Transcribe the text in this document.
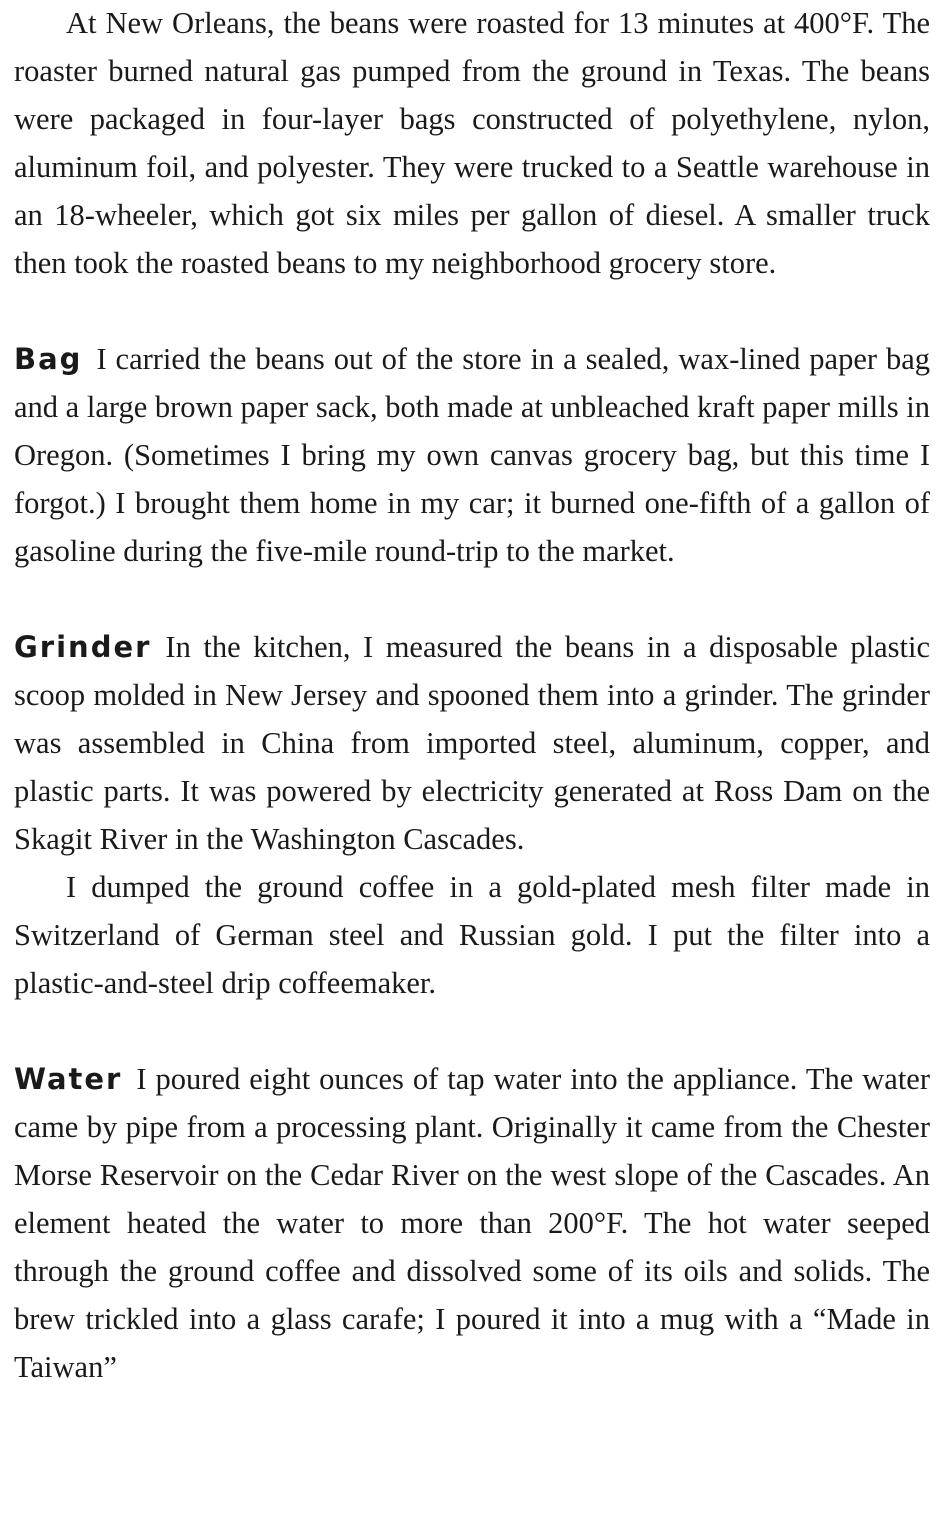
At New Orleans, the beans were roasted for 13 minutes at 400°F. The roaster burned natural gas pumped from the ground in Texas. The beans were packaged in four-layer bags constructed of polyethylene, nylon, aluminum foil, and polyester. They were trucked to a Seattle warehouse in an 18-wheeler, which got six miles per gallon of diesel. A smaller truck then took the roasted beans to my neighborhood grocery store.

Bag I carried the beans out of the store in a sealed, wax-lined paper bag and a large brown paper sack, both made at unbleached kraft paper mills in Oregon. (Sometimes I bring my own canvas grocery bag, but this time I forgot.) I brought them home in my car; it burned one-fifth of a gallon of gasoline during the five-mile round-trip to the market.

Grinder In the kitchen, I measured the beans in a disposable plastic scoop molded in New Jersey and spooned them into a grinder. The grinder was assembled in China from imported steel, aluminum, copper, and plastic parts. It was powered by electricity generated at Ross Dam on the Skagit River in the Washington Cascades.

I dumped the ground coffee in a gold-plated mesh filter made in Switzerland of German steel and Russian gold. I put the filter into a plastic-and-steel drip coffeemaker.

Water I poured eight ounces of tap water into the appliance. The water came by pipe from a processing plant. Originally it came from the Chester Morse Reservoir on the Cedar River on the west slope of the Cascades. An element heated the water to more than 200°F. The hot water seeped through the ground coffee and dissolved some of its oils and solids. The brew trickled into a glass carafe; I poured it into a mug with a “Made in Taiwan”
